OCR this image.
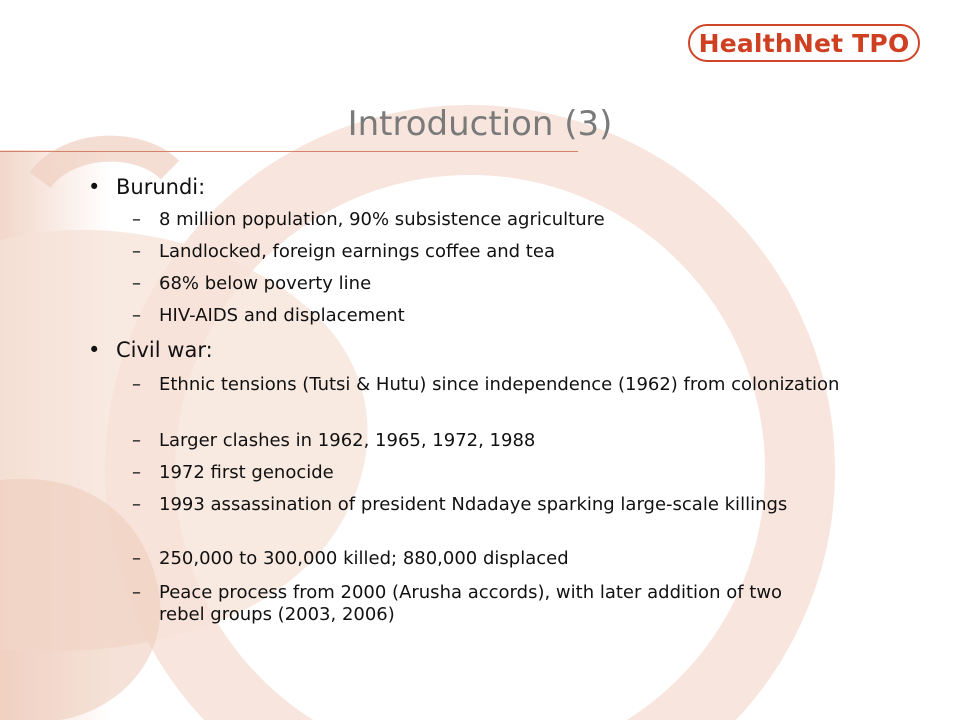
HealthNet TPO
Introduction (3)
• Burundi:
– 8 million population, 90% subsistence agriculture
– Landlocked, foreign earnings coffee and tea
– 68% below poverty line
– HIV-AIDS and displacement
• Civil war:
– Ethnic tensions (Tutsi & Hutu) since independence (1962) from colonization
– Larger clashes in 1962, 1965, 1972, 1988
– 1972 first genocide
– 1993 assassination of president Ndadaye sparking large-scale killings
– 250,000 to 300,000 killed; 880,000 displaced
– Peace process from 2000 (Arusha accords), with later addition of two rebel groups (2003, 2006)
